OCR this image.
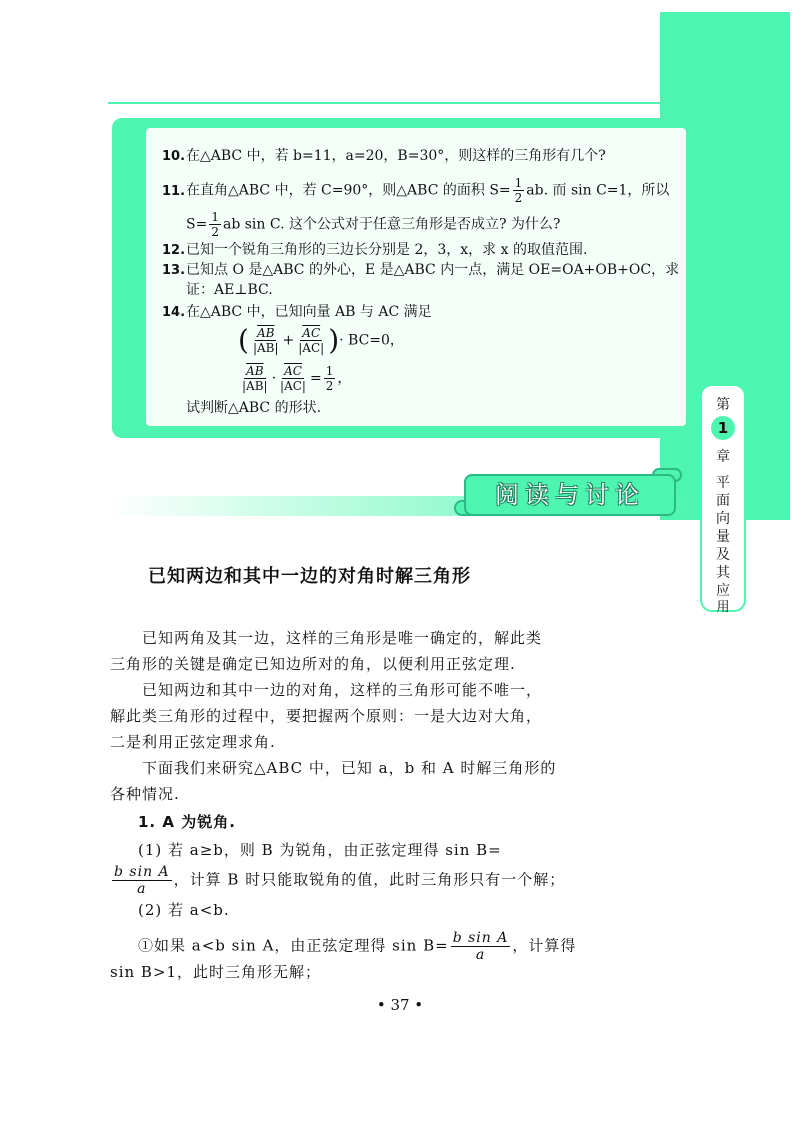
10.在△ABC 中，若 b=11，a=20，B=30°，则这样的三角形有几个?
11.在直角△ABC 中，若 C=90°，则△ABC 的面积 $S= \frac{1}{2}$ ab. 而 sin C=1，所以
$S= \frac{1}{2}$ ab sin C. 这个公式对于任意三角形是否成立? 为什么?
12.已知一个锐角三角形的三边长分别是 2，3，x，求 x 的取值范围.
13.已知点 O 是△ABC 的外心，E 是△ABC 内一点，满足 OE=OA+OB+OC，求
证：AE⊥BC.
14.在△ABC 中，已知向量 AB 与 AC 满足
( $\frac{\overline{AB}}{|AB|} + \frac{\overline{AC}}{|AC|}$ )· BC=0，
$\frac{\overline{AB}}{|AB|} \cdot \frac{\overline{AC}}{|AC|} = \frac{1}{2}$ ，
试判断△ABC 的形状.	第
1
章
平
面
向
量
及
其
应
用
阅读与讨论
已知两边和其中一边的对角时解三角形
已知两角及其一边，这样的三角形是唯一确定的，解此类
三角形的关键是确定已知边所对的角，以便利用正弦定理.
已知两边和其中一边的对角，这样的三角形可能不唯一，
解此类三角形的过程中，要把握两个原则：一是大边对大角，
二是利用正弦定理求角.
下面我们来研究△ABC 中，已知 a，b 和 A 时解三角形的
各种情况.
1. A 为锐角.
(1) 若 a≥b，则 B 为锐角，由正弦定理得 sin B=
$\frac{\text{b sin A}}{a}$ ，计算 B 时只能取锐角的值，此时三角形只有一个解；
(2) 若 a<b.
①如果 a<b sin A，由正弦定理得 $\sin B= \frac{\text{b sin A}}{a}$ ，计算得
sin B>1，此时三角形无解；
• 37 •
